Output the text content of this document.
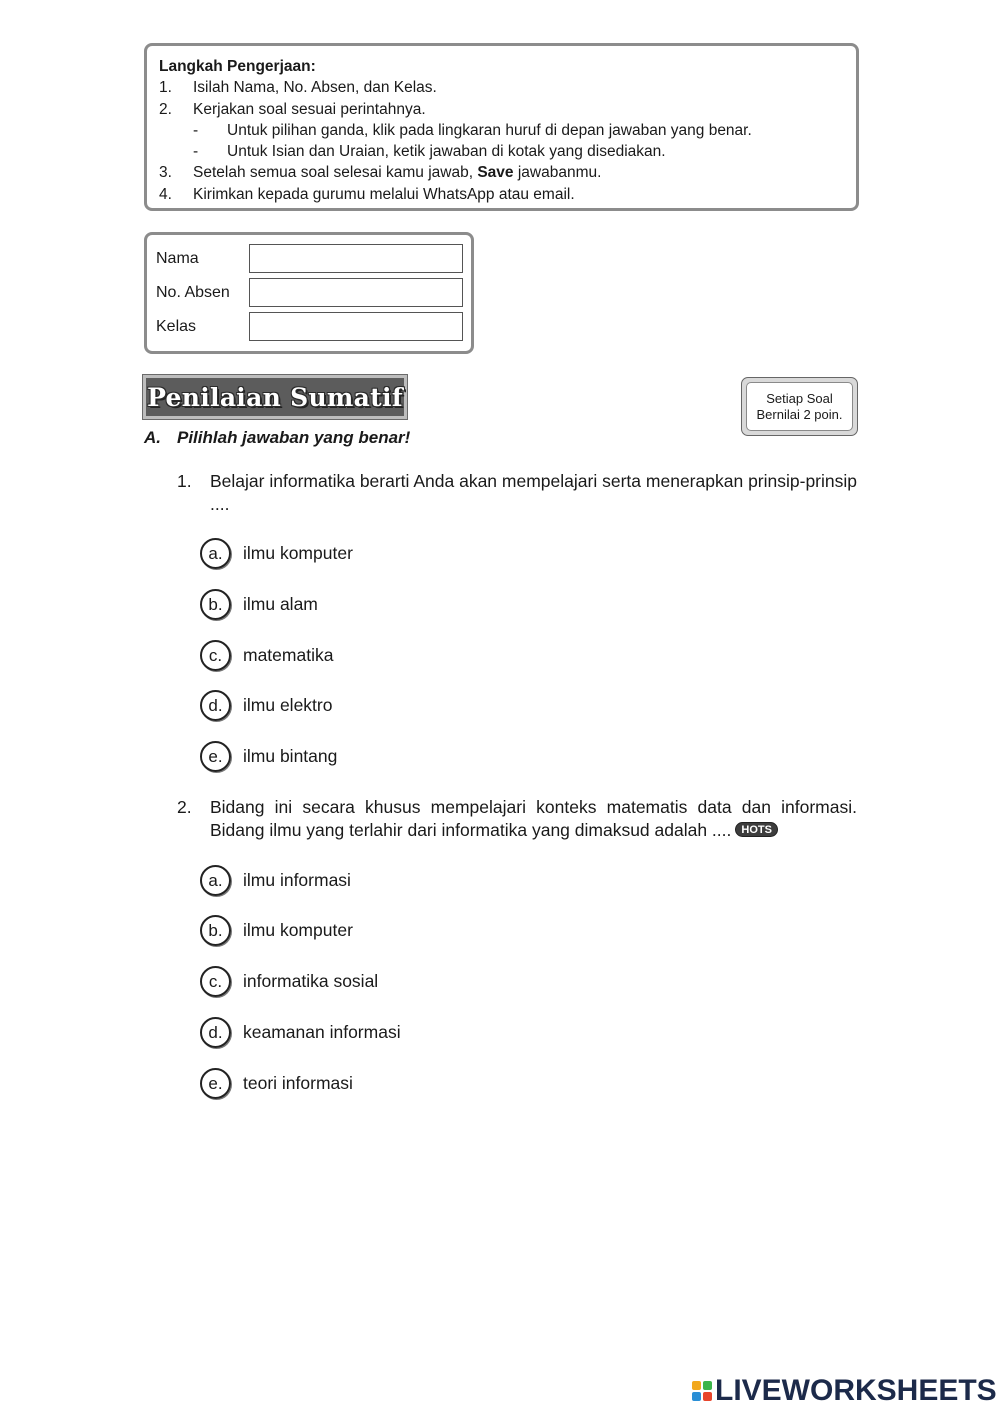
Langkah Pengerjaan:
1.	Isilah Nama, No. Absen, dan Kelas.
2.	Kerjakan soal sesuai perintahnya.
-	Untuk pilihan ganda, klik pada lingkaran huruf di depan jawaban yang benar.
-	Untuk Isian dan Uraian, ketik jawaban di kotak yang disediakan.
3.	Setelah semua soal selesai kamu jawab, Save jawabanmu.
4.	Kirimkan kepada gurumu melalui WhatsApp atau email.
Nama
No. Absen
Kelas
Penilaian Sumatif	Setiap Soal
Bernilai 2 poin.
A. Pilihlah jawaban yang benar!
1.	Belajar informatika berarti Anda akan mempelajari serta menerapkan prinsip-prinsip ....
a.	ilmu komputer
b.	ilmu alam
c.	matematika
d.	ilmu elektro
e.	ilmu bintang
2.	Bidang ini secara khusus mempelajari konteks matematis data dan informasi. Bidang ilmu yang terlahir dari informatika yang dimaksud adalah .... HOTS
a.	ilmu informasi
b.	ilmu komputer
c.	informatika sosial
d.	keamanan informasi
e.	teori informasi
LIVEWORKSHEETS
